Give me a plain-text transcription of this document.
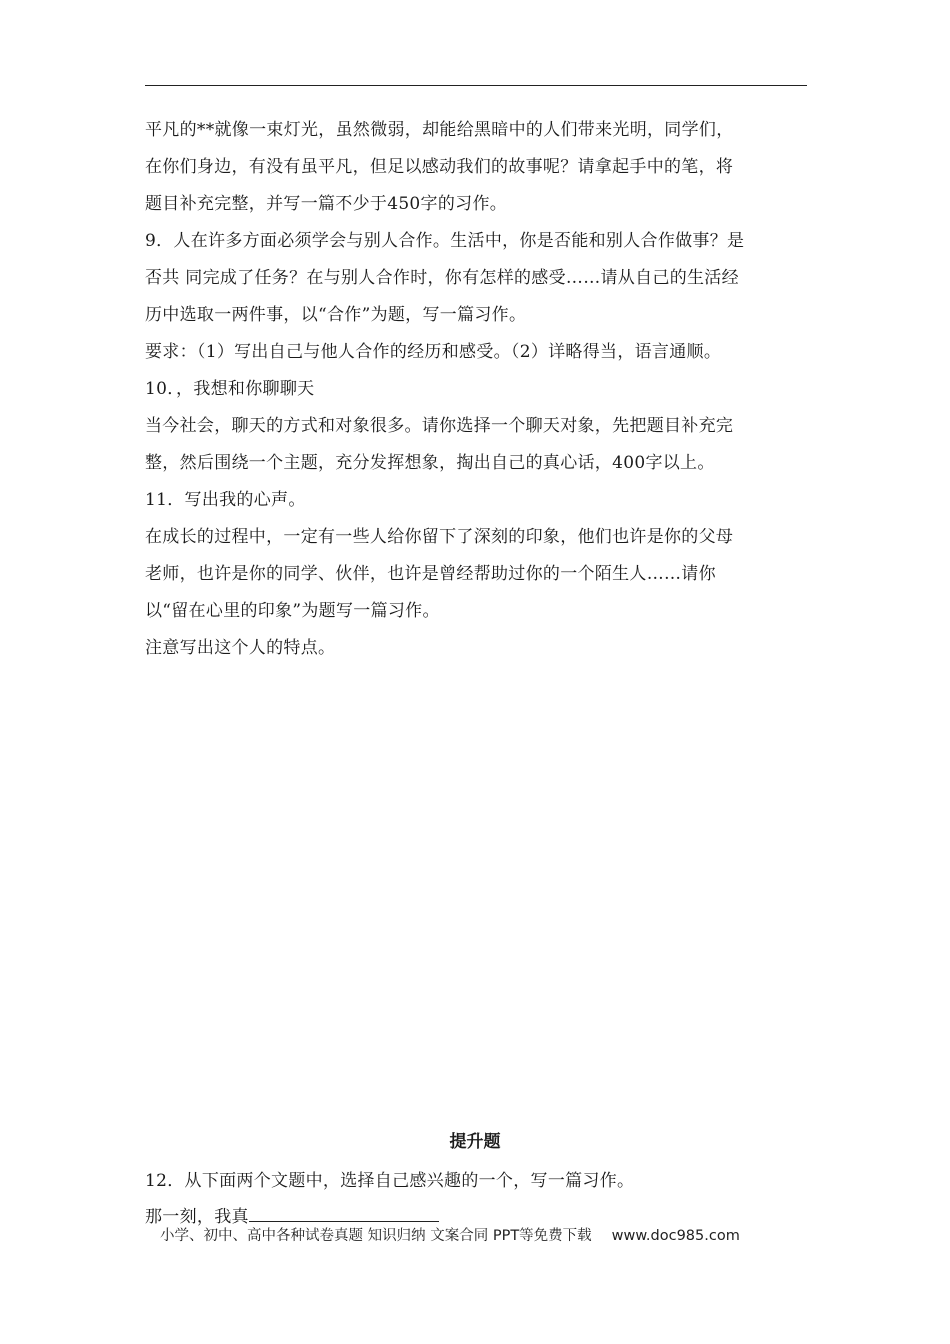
平凡的**就像一束灯光，虽然微弱，却能给黑暗中的人们带来光明，同学们，

在你们身边，有没有虽平凡，但足以感动我们的故事呢？请拿起手中的笔，将

题目补充完整，并写一篇不少于450字的习作。

9．人在许多方面必须学会与别人合作。生活中，你是否能和别人合作做事？是

否共 同完成了任务？在与别人合作时，你有怎样的感受……请从自己的生活经

历中选取一两件事，以“合作”为题，写一篇习作。

要求：（1）写出自己与他人合作的经历和感受。（2）详略得当，语言通顺。

10．，我想和你聊聊天

当今社会，聊天的方式和对象很多。请你选择一个聊天对象，先把题目补充完

整，然后围绕一个主题，充分发挥想象，掏出自己的真心话，400字以上。

11．写出我的心声。

在成长的过程中，一定有一些人给你留下了深刻的印象，他们也许是你的父母

老师，也许是你的同学、伙伴，也许是曾经帮助过你的一个陌生人……请你

以“留在心里的印象”为题写一篇习作。

注意写出这个人的特点。

提升题

12．从下面两个文题中，选择自己感兴趣的一个，写一篇习作。

那一刻，我真

小学、初中、高中各种试卷真题 知识归纳 文案合同 PPT等免费下载 www.doc985.com
